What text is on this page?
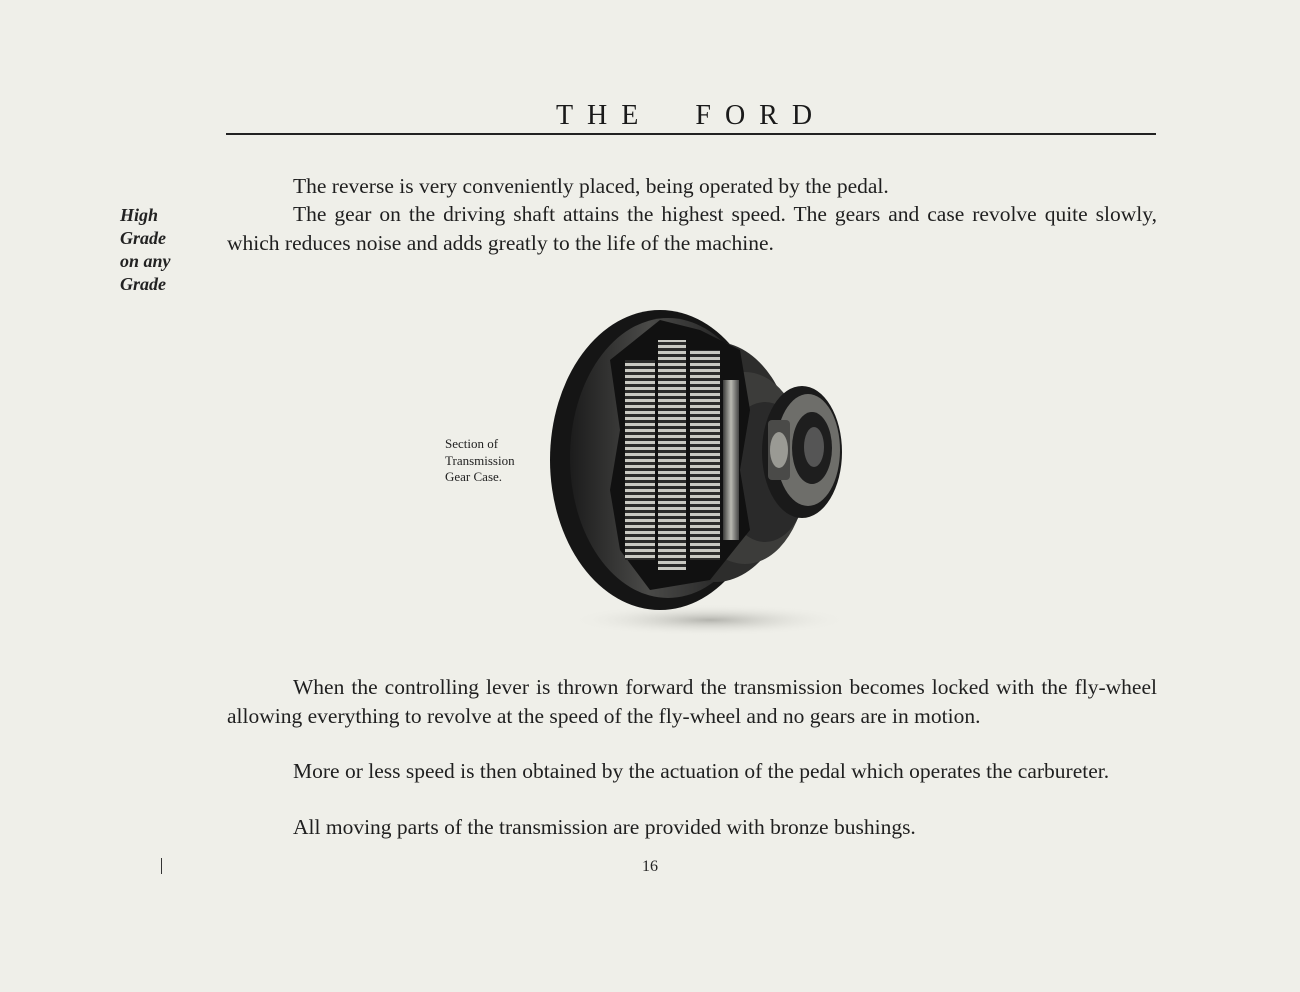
THE FORD
High
Grade
on any
Grade

The reverse is very conveniently placed, being operated by the pedal.

The gear on the driving shaft attains the highest speed. The gears and case revolve quite slowly, which reduces noise and adds greatly to the life of the machine.

Section of
Transmission
Gear Case.

When the controlling lever is thrown forward the transmission becomes locked with the fly-wheel allowing everything to revolve at the speed of the fly-wheel and no gears are in motion.

More or less speed is then obtained by the actuation of the pedal which operates the carbureter.

All moving parts of the transmission are provided with bronze bushings.

16
